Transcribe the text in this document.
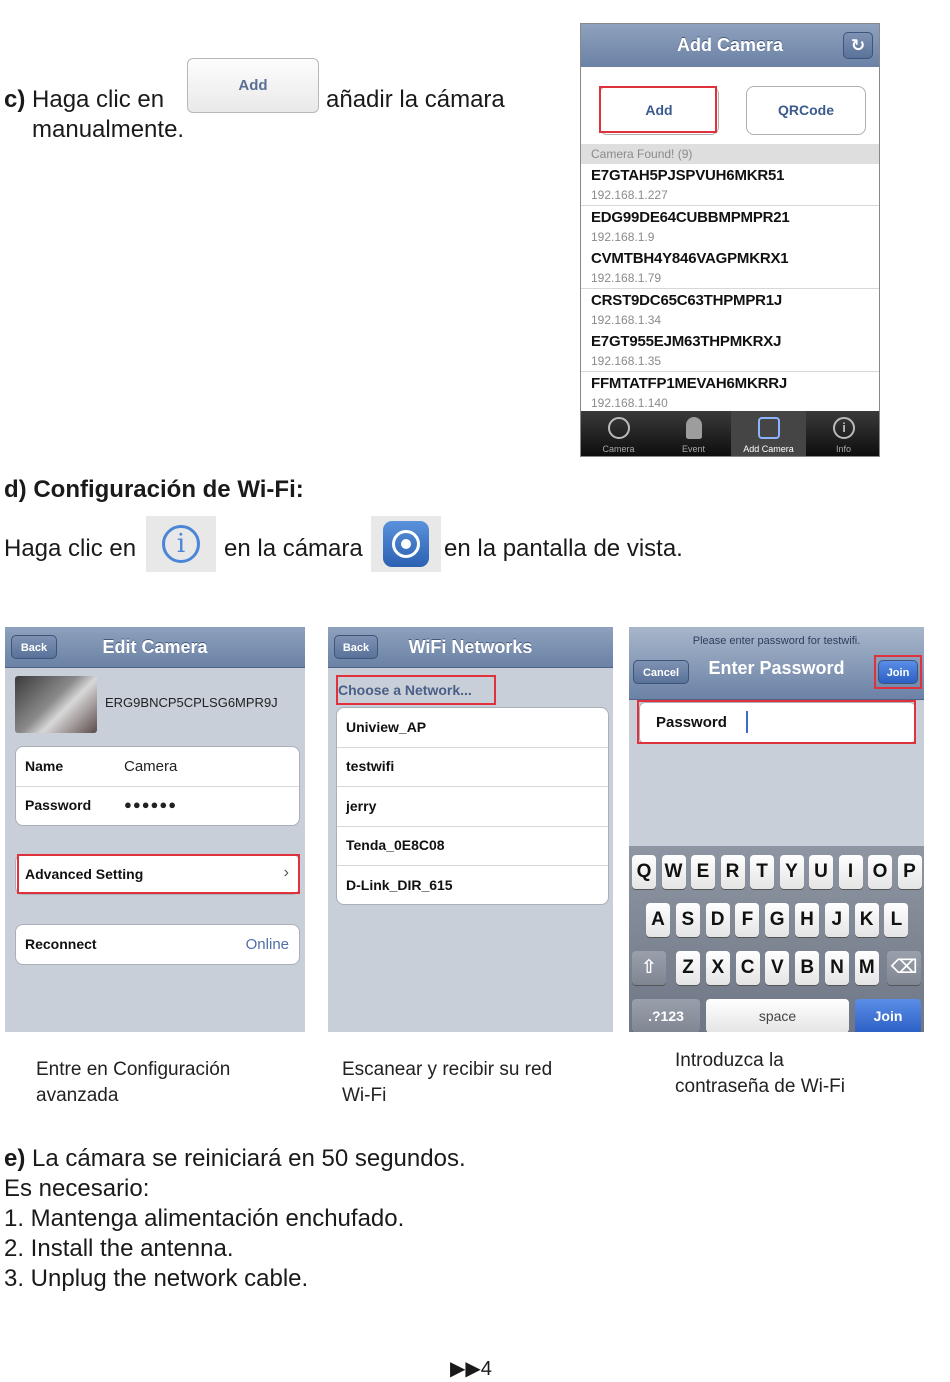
c) Haga clic en
Add
añadir la cámara
manualmente.
Add Camera	↻
Add	QRCode
Camera Found! (9)
E7GTAH5PJSPVUH6MKR51
192.168.1.227
EDG99DE64CUBBMPMPR21
192.168.1.9
CVMTBH4Y846VAGPMKRX1
192.168.1.79
CRST9DC65C63THPMPR1J
192.168.1.34
E7GT955EJM63THPMKRXJ
192.168.1.35
FFMTATFP1MEVAH6MKRRJ
192.168.1.140
Camera	Event	Add Camera
i
Info
d) Configuración de Wi-Fi:
Haga clic en	i	en la cámara	en la pantalla de vista.
Edit Camera
Back
ERG9BNCP5CPLSG6MPR9J
Name	Camera
Password	●●●●●●
Advanced Setting	›
Reconnect	Online
WiFi Networks
Back
Choose a Network...
Uniview_AP
testwifi
jerry
Tenda_0E8C08
D-Link_DIR_615
Please enter password for testwifi.
Cancel	Enter Password	Join
Password
Q W E R T Y U	I	O P
A S D F G H J K L
⇧	Z X C V B N M ⌫
.?123	space	Join
Entre en Configuración
avanzada
Escanear y recibir su red
Wi-Fi
Introduzca la
contraseña de Wi-Fi
e) La cámara se reiniciará en 50 segundos.
Es necesario:
1. Mantenga alimentación enchufado.
2. Install the antenna.
3. Unplug the network cable.
▶▶4
